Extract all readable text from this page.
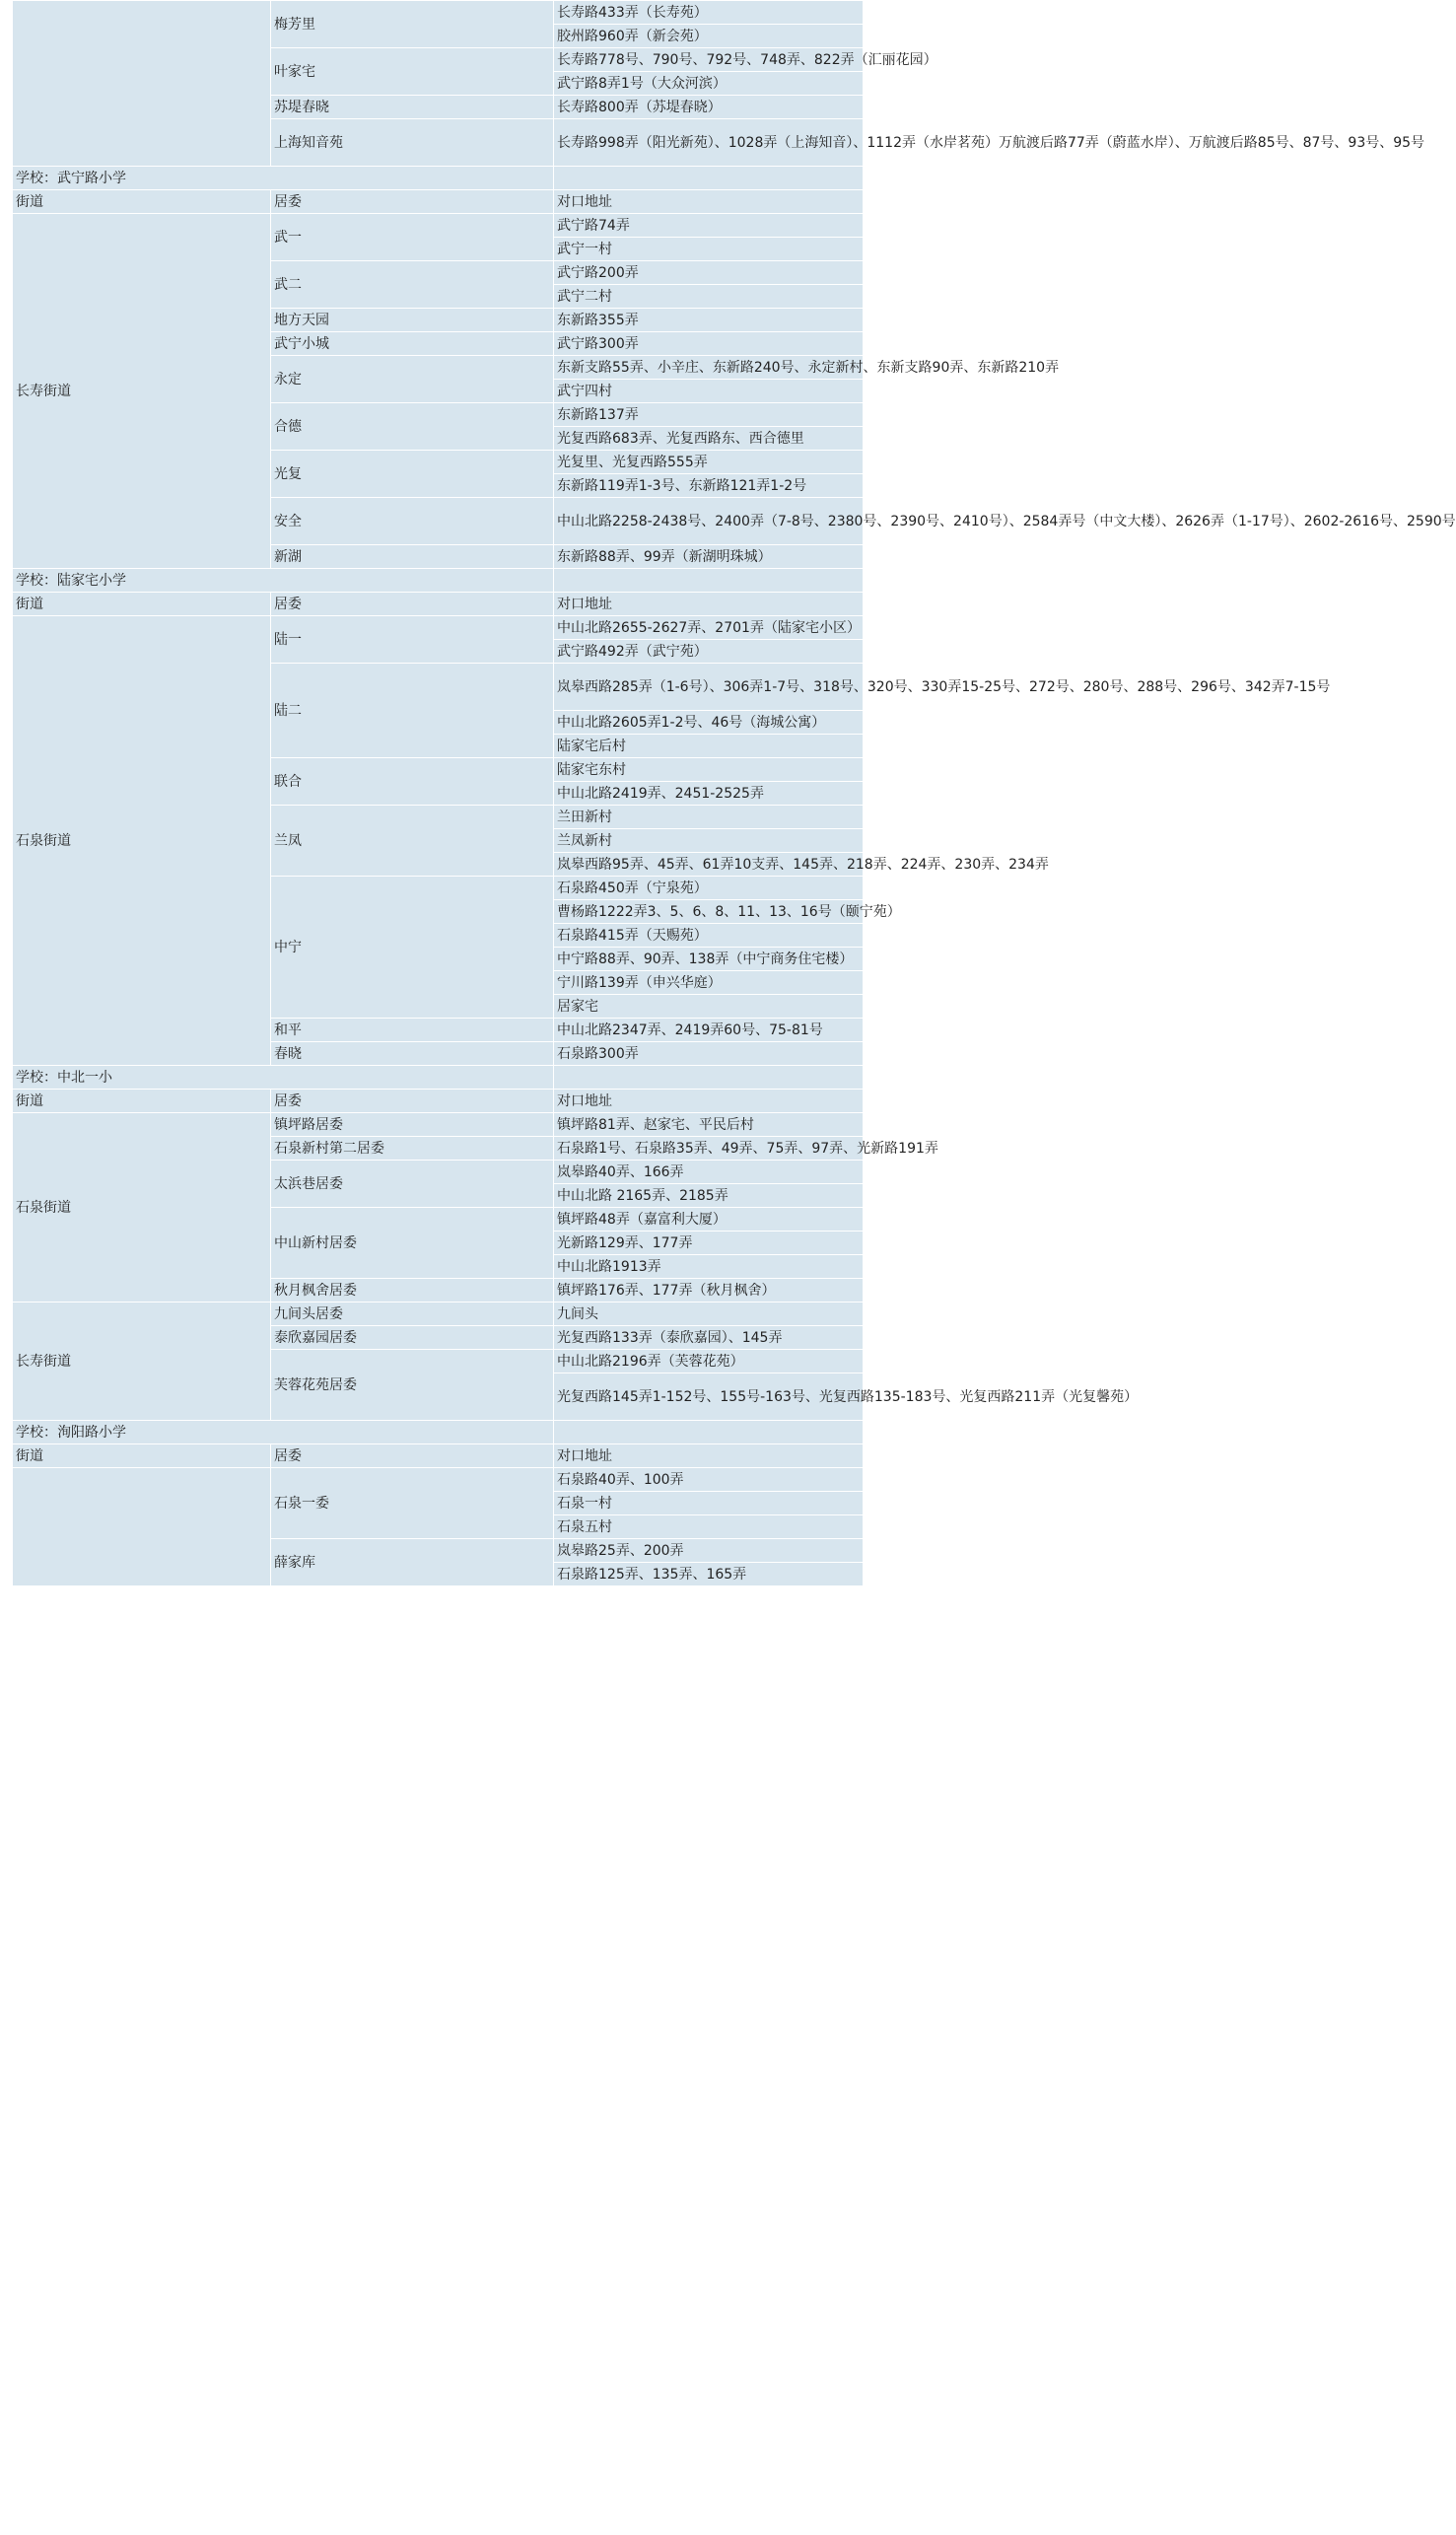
	梅芳里	长寿路433弄（长寿苑）
		胶州路960弄（新会苑）
	叶家宅	长寿路778号、790号、792号、748弄、822弄（汇丽花园）
		武宁路8弄1号（大众河滨）
	苏堤春晓	长寿路800弄（苏堤春晓）
	上海知音苑	长寿路998弄（阳光新苑）、1028弄（上海知音）、1112弄（水岸茗苑）万航渡后路77弄（蔚蓝水岸）、万航渡后路85号、87号、93号、95号
学校：武宁路小学		
街道	居委	对口地址
长寿街道	武一	武宁路74弄
		武宁一村
	武二	武宁路200弄
		武宁二村
	地方天园	东新路355弄
	武宁小城	武宁路300弄
	永定	东新支路55弄、小辛庄、东新路240号、永定新村、东新支路90弄、东新路210弄
		武宁四村
	合德	东新路137弄
		光复西路683弄、光复西路东、西合德里
	光复	光复里、光复西路555弄
		东新路119弄1-3号、东新路121弄1-2号
	安全	中山北路2258-2438号、2400弄（7-8号、2380号、2390号、2410号）、2584弄号（中文大楼）、2626弄（1-17号）、2602-2616号、2590号
	新湖	东新路88弄、99弄（新湖明珠城）
学校：陆家宅小学		
街道	居委	对口地址
石泉街道	陆一	中山北路2655-2627弄、2701弄（陆家宅小区）
		武宁路492弄（武宁苑）
	陆二	岚皋西路285弄（1-6号）、306弄1-7号、318号、320号、330弄15-25号、272号、280号、288号、296号、342弄7-15号
		中山北路2605弄1-2号、46号（海城公寓）
		陆家宅后村
	联合	陆家宅东村
		中山北路2419弄、2451-2525弄
	兰凤	兰田新村
		兰凤新村
		岚皋西路95弄、45弄、61弄10支弄、145弄、218弄、224弄、230弄、234弄
	中宁	石泉路450弄（宁泉苑）
		曹杨路1222弄3、5、6、8、11、13、16号（颐宁苑）
		石泉路415弄（天赐苑）
		中宁路88弄、90弄、138弄（中宁商务住宅楼）
		宁川路139弄（申兴华庭）
		居家宅
	和平	中山北路2347弄、2419弄60号、75-81号
	春晓	石泉路300弄
学校：中北一小		
街道	居委	对口地址
石泉街道	镇坪路居委	镇坪路81弄、赵家宅、平民后村
	石泉新村第二居委	石泉路1号、石泉路35弄、49弄、75弄、97弄、光新路191弄
	太浜巷居委	岚皋路40弄、166弄
		中山北路 2165弄、2185弄
	中山新村居委	镇坪路48弄（嘉富利大厦）
		光新路129弄、177弄
		中山北路1913弄
	秋月枫舍居委	镇坪路176弄、177弄（秋月枫舍）
长寿街道	九间头居委	九间头
	泰欣嘉园居委	光复西路133弄（泰欣嘉园）、145弄
	芙蓉花苑居委	中山北路2196弄（芙蓉花苑）
		光复西路145弄1-152号、155号-163号、光复西路135-183号、光复西路211弄（光复馨苑）
学校：洵阳路小学		
街道	居委	对口地址
	石泉一委	石泉路40弄、100弄
		石泉一村
		石泉五村
	薛家库	岚皋路25弄、200弄
		石泉路125弄、135弄、165弄
